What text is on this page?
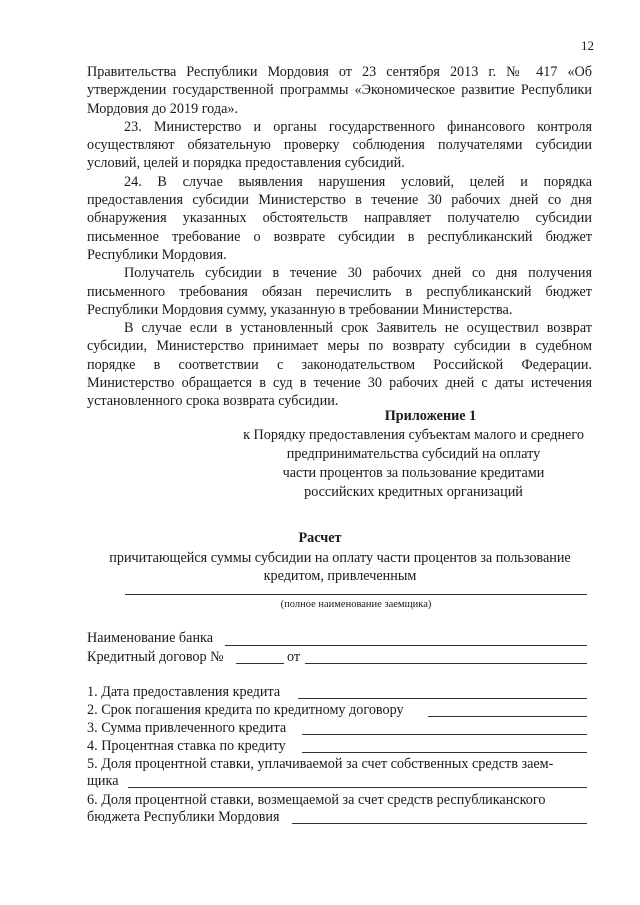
12

Правительства Республики Мордовия от 23 сентября 2013 г. № 417 «Об утверждении государственной программы «Экономическое развитие Республики Мордовия до 2019 года».

23. Министерство и органы государственного финансового контроля осуществляют обязательную проверку соблюдения получателями субсидии условий, целей и порядка предоставления субсидий.

24. В случае выявления нарушения условий, целей и порядка предоставления субсидии Министерство в течение 30 рабочих дней со дня обнаружения указанных обстоятельств направляет получателю субсидии письменное требование о возврате субсидии в республиканский бюджет Республики Мордовия.

Получатель субсидии в течение 30 рабочих дней со дня получения письменного требования обязан перечислить в республиканский бюджет Республики Мордовия сумму, указанную в требовании Министерства.

В случае если в установленный срок Заявитель не осуществил возврат субсидии, Министерство принимает меры по возврату субсидии в судебном порядке в соответствии с законодательством Российской Федерации. Министерство обращается в суд в течение 30 рабочих дней с даты истечения установленного срока возврата субсидии.

Приложение 1
к Порядку предоставления субъектам малого и среднего предпринимательства субсидий на оплату
части процентов за пользование кредитами
российских кредитных организаций
Расчет
причитающейся суммы субсидии на оплату части процентов за пользование
кредитом, привлеченным
(полное наименование заемщика)
Наименование банка
Кредитный договор №	от
1. Дата предоставления кредита
2. Срок погашения кредита по кредитному договору
3. Сумма привлеченного кредита
4. Процентная ставка по кредиту
5. Доля процентной ставки, уплачиваемой за счет собственных средств заем-
щика
6. Доля процентной ставки, возмещаемой за счет средств республиканского
бюджета Республики Мордовия
